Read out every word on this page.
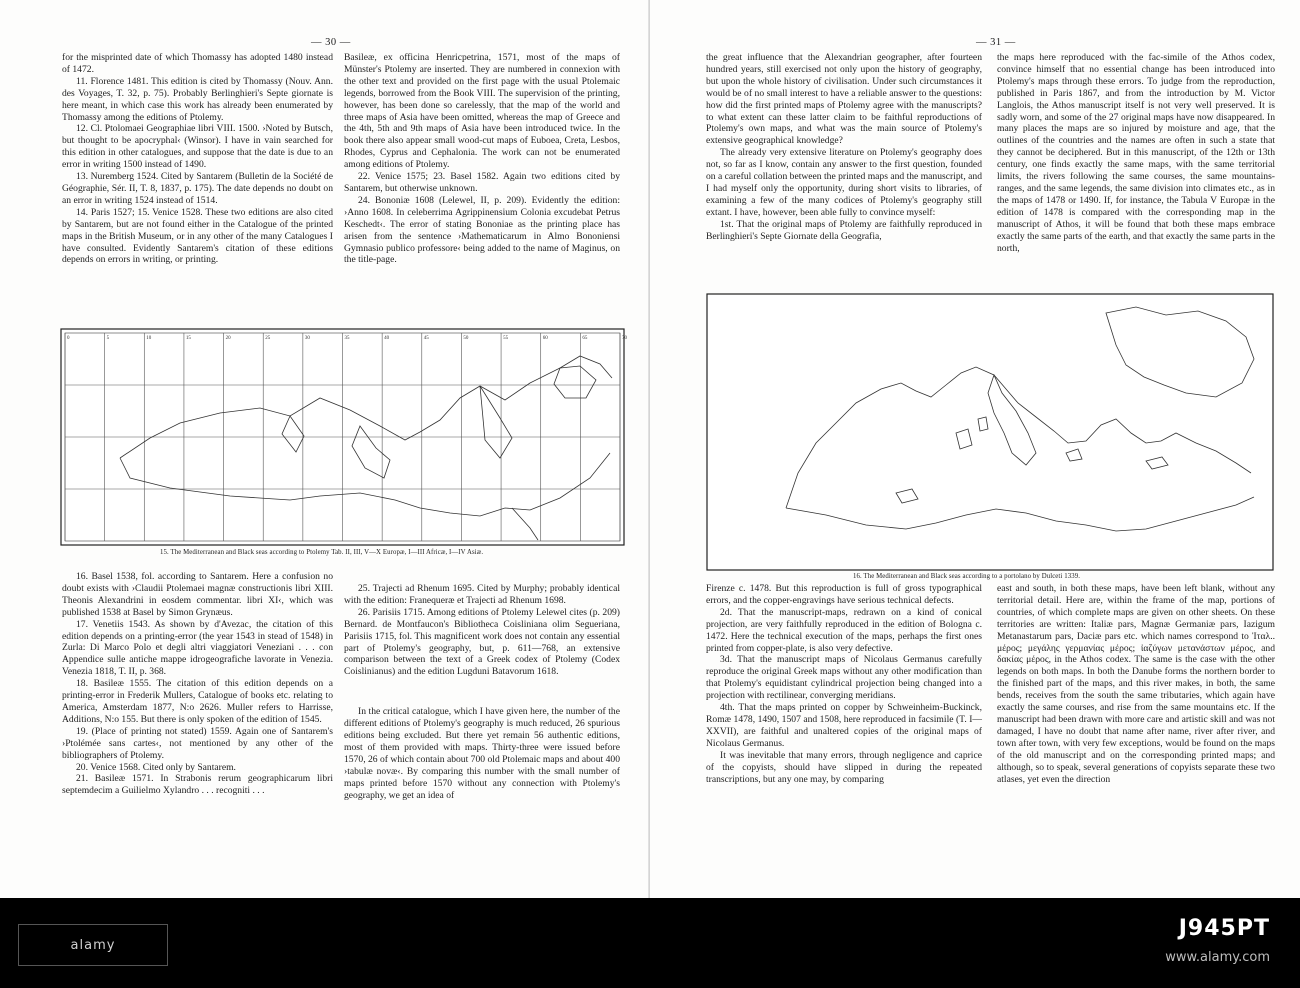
— 30 —

for the misprinted date of which Thomassy has adopted 1480 instead of 1472.

11. Florence 1481. This edition is cited by Thomassy (Nouv. Ann. des Voyages, T. 32, p. 75). Probably Berlinghieri's Septe giornate is here meant, in which case this work has already been enumerated by Thomassy among the editions of Ptolemy.

12. Cl. Ptolomaei Geographiae libri VIII. 1500. ›Noted by Butsch, but thought to be apocryphal‹ (Winsor). I have in vain searched for this edition in other catalogues, and suppose that the date is due to an error in writing 1500 instead of 1490.

13. Nuremberg 1524. Cited by Santarem (Bulletin de la Société de Géographie, Sér. II, T. 8, 1837, p. 175). The date depends no doubt on an error in writing 1524 instead of 1514.

14. Paris 1527; 15. Venice 1528. These two editions are also cited by Santarem, but are not found either in the Catalogue of the printed maps in the British Museum, or in any other of the many Catalogues I have consulted. Evidently Santarem's citation of these editions depends on errors in writing, or printing.

Basileæ, ex officina Henricpetrina, 1571, most of the maps of Münster's Ptolemy are inserted. They are numbered in connexion with the other text and provided on the first page with the usual Ptolemaic legends, borrowed from the Book VIII. The supervision of the printing, however, has been done so carelessly, that the map of the world and three maps of Asia have been omitted, whereas the map of Greece and the 4th, 5th and 9th maps of Asia have been introduced twice. In the book there also appear small wood-cut maps of Euboea, Creta, Lesbos, Rhodes, Cyprus and Cephalonia. The work can not be enumerated among editions of Ptolemy.

22. Venice 1575; 23. Basel 1582. Again two editions cited by Santarem, but otherwise unknown.

24. Bononiæ 1608 (Lelewel, II, p. 209). Evidently the edition: ›Anno 1608. In celeberrima Agrippinensium Colonia excudebat Petrus Keschedt‹. The error of stating Bononiae as the printing place has arisen from the sentence ›Mathematicarum in Almo Bononiensi Gymnasio publico professore‹ being added to the name of Maginus, on the title-page.

0	5	10	15	20	25	30	35	40	45	50	55	60	65	70
15. The Mediterranean and Black seas according to Ptolemy Tab. II, III, V—X Europæ, I—III Africæ, I—IV Asiæ.

16. Basel 1538, fol. according to Santarem. Here a confusion no doubt exists with ›Claudii Ptolemaei magnæ constructionis libri XIII. Theonis Alexandrini in eosdem commentar. libri XI‹, which was published 1538 at Basel by Simon Grynæus.

17. Venetiis 1543. As shown by d'Avezac, the citation of this edition depends on a printing-error (the year 1543 in stead of 1548) in Zurla: Di Marco Polo et degli altri viaggiatori Veneziani . . . con Appendice sulle antiche mappe idrogeografiche lavorate in Venezia. Venezia 1818, T. II, p. 368.

18. Basileæ 1555. The citation of this edition depends on a printing-error in Frederik Mullers, Catalogue of books etc. relating to America, Amsterdam 1877, N:o 2626. Muller refers to Harrisse, Additions, N:o 155. But there is only spoken of the edition of 1545.

19. (Place of printing not stated) 1559. Again one of Santarem's ›Ptolémée sans cartes‹, not mentioned by any other of the bibliographers of Ptolemy.

20. Venice 1568. Cited only by Santarem.

21. Basileæ 1571. In Strabonis rerum geographicarum libri septemdecim a Guilielmo Xylandro . . . recogniti . . .

25. Trajecti ad Rhenum 1695. Cited by Murphy; probably identical with the edition: Franequeræ et Trajecti ad Rhenum 1698.

26. Parisiis 1715. Among editions of Ptolemy Lelewel cites (p. 209) Bernard. de Montfaucon's Bibliotheca Coisliniana olim Segueriana, Parisiis 1715, fol. This magnificent work does not contain any essential part of Ptolemy's geography, but, p. 611—768, an extensive comparison between the text of a Greek codex of Ptolemy (Codex Coislinianus) and the edition Lugduni Batavorum 1618.

In the critical catalogue, which I have given here, the number of the different editions of Ptolemy's geography is much reduced, 26 spurious editions being excluded. But there yet remain 56 authentic editions, most of them provided with maps. Thirty-three were issued before 1570, 26 of which contain about 700 old Ptolemaic maps and about 400 ›tabulæ novæ‹. By comparing this number with the small number of maps printed before 1570 without any connection with Ptolemy's geography, we get an idea of

— 31 —

the great influence that the Alexandrian geographer, after fourteen hundred years, still exercised not only upon the history of geography, but upon the whole history of civilisation. Under such circumstances it would be of no small interest to have a reliable answer to the questions: how did the first printed maps of Ptolemy agree with the manuscripts? to what extent can these latter claim to be faithful reproductions of Ptolemy's own maps, and what was the main source of Ptolemy's extensive geographical knowledge?

The already very extensive literature on Ptolemy's geography does not, so far as I know, contain any answer to the first question, founded on a careful collation between the printed maps and the manuscript, and I had myself only the opportunity, during short visits to libraries, of examining a few of the many codices of Ptolemy's geography still extant. I have, however, been able fully to convince myself:

1st. That the original maps of Ptolemy are faithfully reproduced in Berlinghieri's Septe Giornate della Geografia,

the maps here reproduced with the fac-simile of the Athos codex, convince himself that no essential change has been introduced into Ptolemy's maps through these errors. To judge from the reproduction, published in Paris 1867, and from the introduction by M. Victor Langlois, the Athos manuscript itself is not very well preserved. It is sadly worn, and some of the 27 original maps have now disappeared. In many places the maps are so injured by moisture and age, that the outlines of the countries and the names are often in such a state that they cannot be deciphered. But in this manuscript, of the 12th or 13th century, one finds exactly the same maps, with the same territorial limits, the rivers following the same courses, the same mountains-ranges, and the same legends, the same division into climates etc., as in the maps of 1478 or 1490. If, for instance, the Tabula V Europæ in the edition of 1478 is compared with the corresponding map in the manuscript of Athos, it will be found that both these maps embrace exactly the same parts of the earth, and that exactly the same parts in the north,

16. The Mediterranean and Black seas according to a portolano by Dulceti 1339.

Firenze c. 1478. But this reproduction is full of gross typographical errors, and the copper-engravings have serious technical defects.

2d. That the manuscript-maps, redrawn on a kind of conical projection, are very faithfully reproduced in the edition of Bologna c. 1472. Here the technical execution of the maps, perhaps the first ones printed from copper-plate, is also very defective.

3d. That the manuscript maps of Nicolaus Germanus carefully reproduce the original Greek maps without any other modification than that Ptolemy's equidistant cylindrical projection being changed into a projection with rectilinear, converging meridians.

4th. That the maps printed on copper by Schweinheim-Buckinck, Romæ 1478, 1490, 1507 and 1508, here reproduced in facsimile (T. I—XXVII), are faithful and unaltered copies of the original maps of Nicolaus Germanus.

It was inevitable that many errors, through negligence and caprice of the copyists, should have slipped in during the repeated transcriptions, but any one may, by comparing

east and south, in both these maps, have been left blank, without any territorial detail. Here are, within the frame of the map, portions of countries, of which complete maps are given on other sheets. On these territories are written: Italiæ pars, Magnæ Germaniæ pars, Iazigum Metanastarum pars, Daciæ pars etc. which names correspond to Ἰταλ.. μέρος; μεγάλης γερμανίας μέρος; ἰαζύγων μετανάστων μέρος, and δακίας μέρος, in the Athos codex. The same is the case with the other legends on both maps. In both the Danube forms the northern border to the finished part of the maps, and this river makes, in both, the same bends, receives from the south the same tributaries, which again have exactly the same courses, and rise from the same mountains etc. If the manuscript had been drawn with more care and artistic skill and was not damaged, I have no doubt that name after name, river after river, and town after town, with very few exceptions, would be found on the maps of the old manuscript and on the corresponding printed maps; and although, so to speak, several generations of copyists separate these two atlases, yet even the direction

alamy
J945PT
www.alamy.com
